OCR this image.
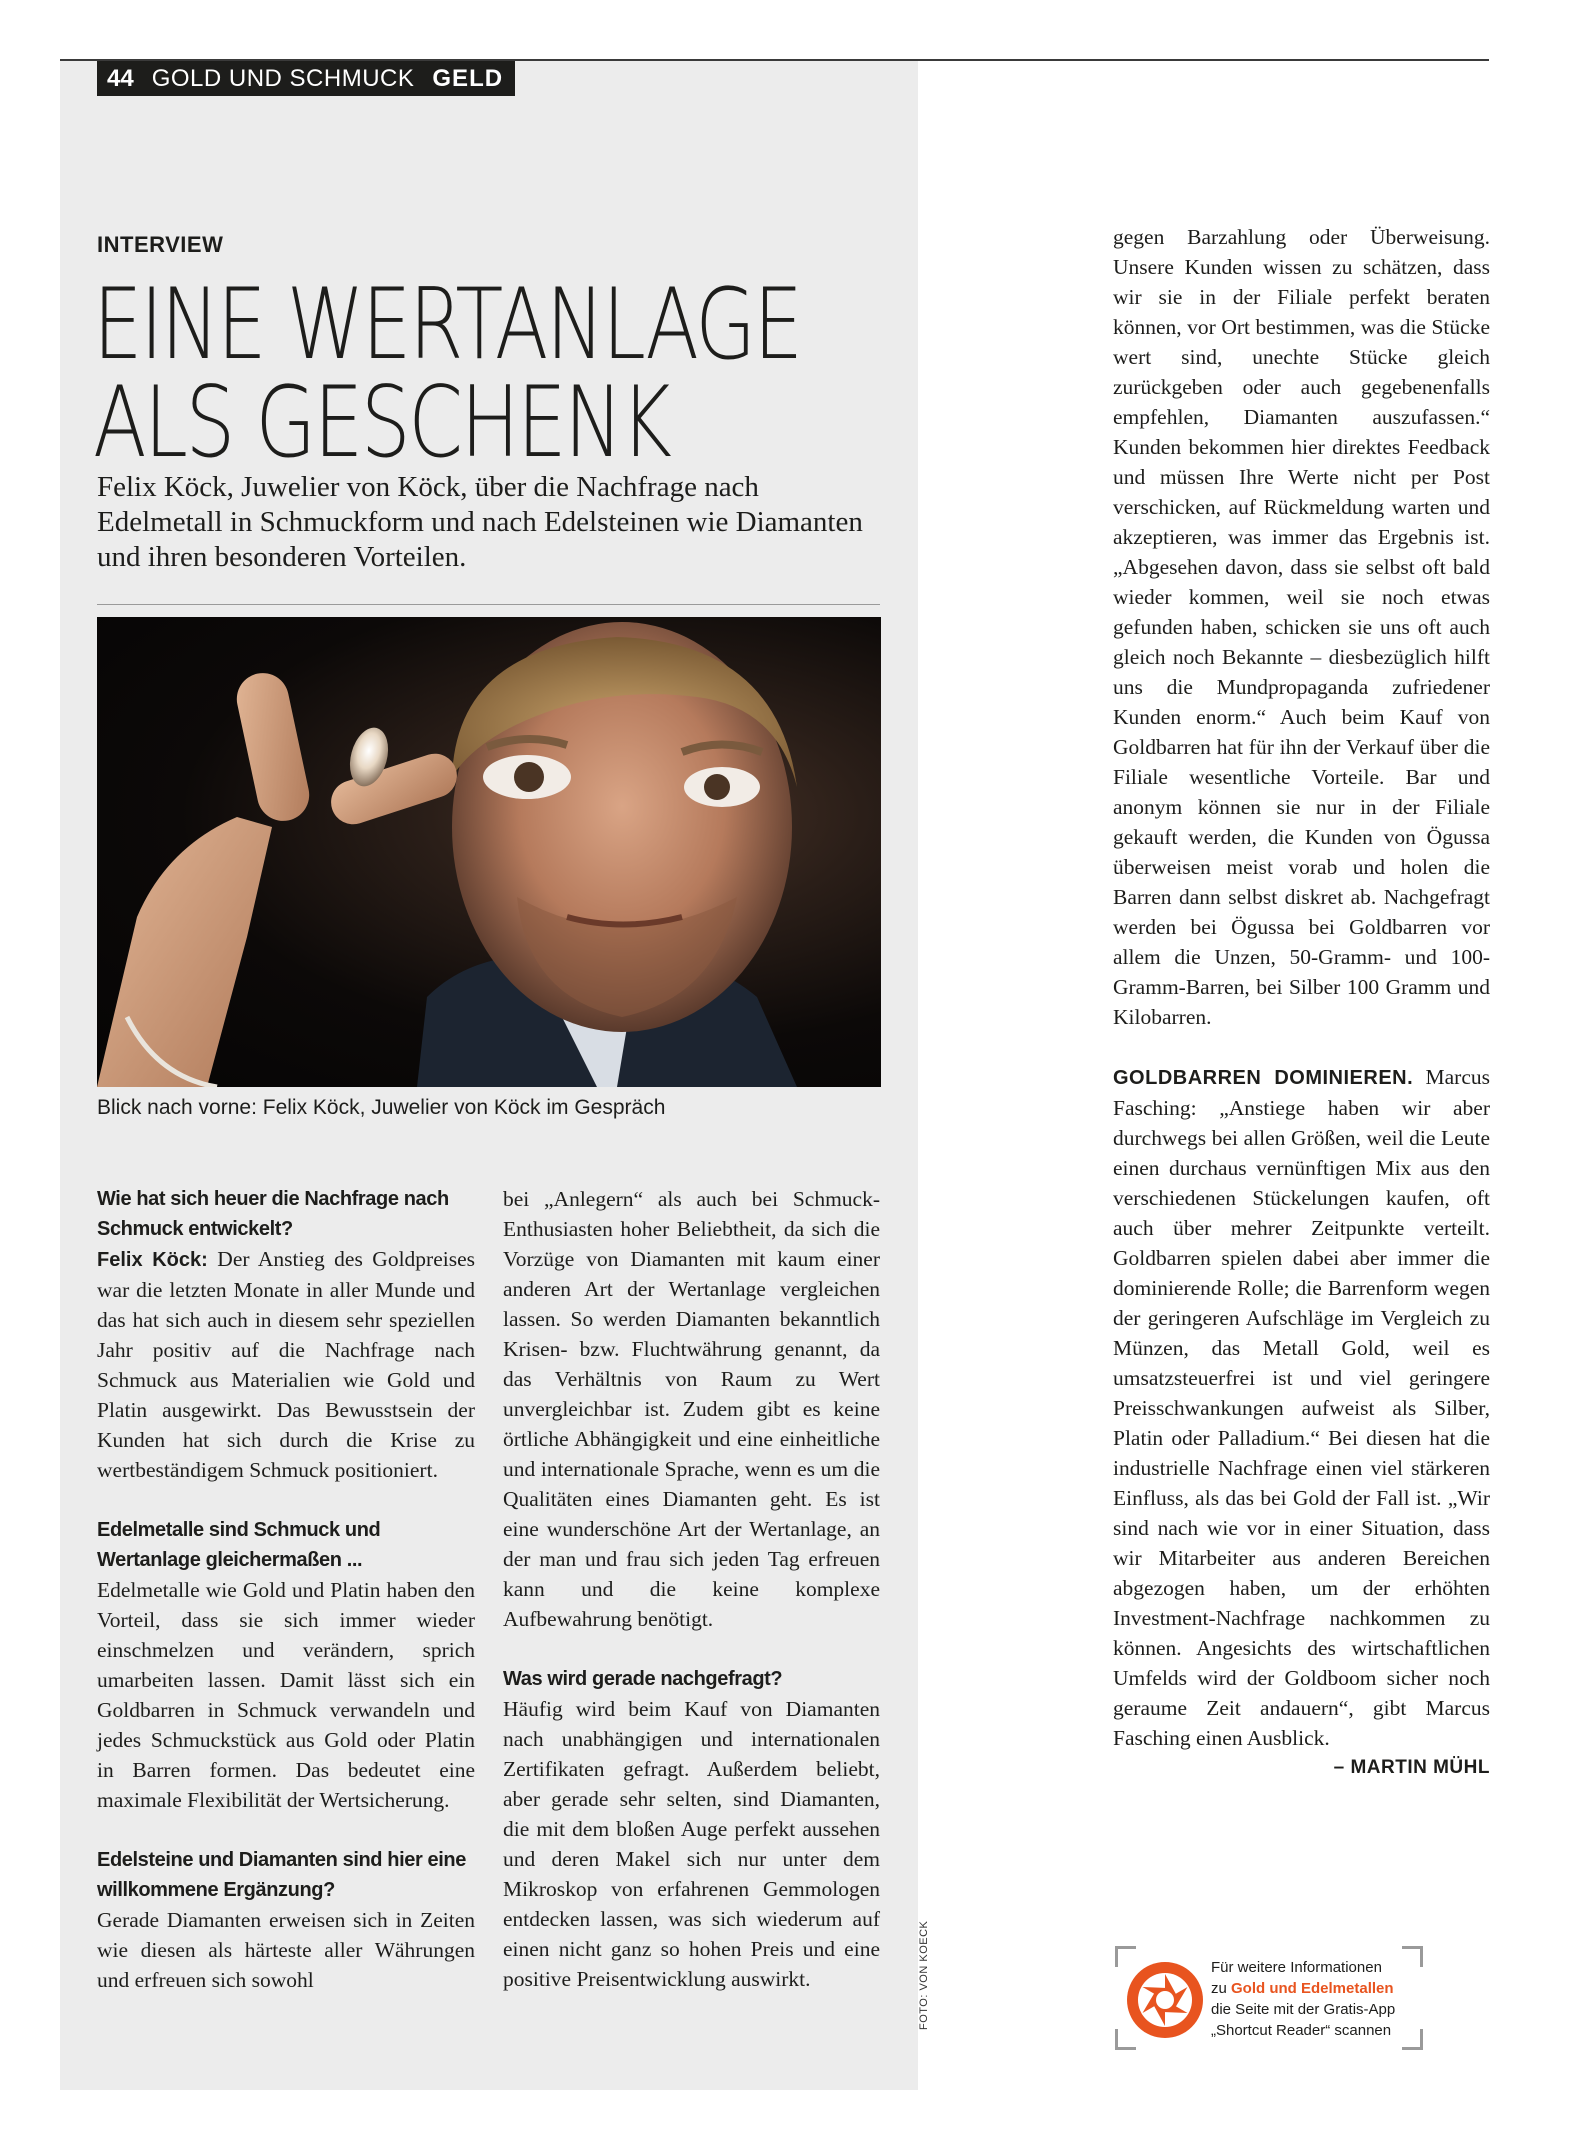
44 GOLD UND SCHMUCK GELD
INTERVIEW
EINE WERTANLAGE
ALS GESCHENK
Felix Köck, Juwelier von Köck, über die Nachfrage nach Edelmetall in Schmuckform und nach Edelsteinen wie Diamanten und ihren besonderen Vorteilen.
Blick nach vorne: Felix Köck, Juwelier von Köck im Gespräch

Wie hat sich heuer die Nachfrage nach Schmuck entwickelt?

Felix Köck: Der Anstieg des Goldpreises war die letzten Monate in aller Munde und das hat sich auch in diesem sehr speziellen Jahr positiv auf die Nachfrage nach Schmuck aus Materialien wie Gold und Platin ausgewirkt. Das Bewusstsein der Kunden hat sich durch die Krise zu wertbeständigem Schmuck positioniert.

Edelmetalle sind Schmuck und Wertanlage gleichermaßen ...

Edelmetalle wie Gold und Platin haben den Vorteil, dass sie sich immer wieder einschmelzen und verändern, sprich umarbeiten lassen. Damit lässt sich ein Goldbarren in Schmuck verwandeln und jedes Schmuckstück aus Gold oder Platin in Barren formen. Das bedeutet eine maximale Flexibilität der Wertsicherung.

Edelsteine und Diamanten sind hier eine willkommene Ergänzung?

Gerade Diamanten erweisen sich in Zeiten wie diesen als härteste aller Währungen und erfreuen sich sowohl

bei „Anlegern“ als auch bei Schmuck-Enthusiasten hoher Beliebtheit, da sich die Vorzüge von Diamanten mit kaum einer anderen Art der Wertanlage vergleichen lassen. So werden Diamanten bekanntlich Krisen- bzw. Fluchtwährung genannt, da das Verhältnis von Raum zu Wert unvergleichbar ist. Zudem gibt es keine örtliche Abhängigkeit und eine einheitliche und internationale Sprache, wenn es um die Qualitäten eines Diamanten geht. Es ist eine wunderschöne Art der Wertanlage, an der man und frau sich jeden Tag erfreuen kann und die keine komplexe Aufbewahrung benötigt.

Was wird gerade nachgefragt?

Häufig wird beim Kauf von Diamanten nach unabhängigen und internationalen Zertifikaten gefragt. Außerdem beliebt, aber gerade sehr selten, sind Diamanten, die mit dem bloßen Auge perfekt aussehen und deren Makel sich nur unter dem Mikroskop von erfahrenen Gemmologen entdecken lassen, was sich wiederum auf einen nicht ganz so hohen Preis und eine positive Preisentwicklung auswirkt.	FOTO: VON KOECK

gegen Barzahlung oder Überweisung. Unsere Kunden wissen zu schätzen, dass wir sie in der Filiale perfekt beraten können, vor Ort bestimmen, was die Stücke wert sind, unechte Stücke gleich zurückgeben oder auch gegebenenfalls empfehlen, Diamanten auszufassen.“ Kunden bekommen hier direktes Feedback und müssen Ihre Werte nicht per Post verschicken, auf Rückmeldung warten und akzeptieren, was immer das Ergebnis ist. „Abgesehen davon, dass sie selbst oft bald wieder kommen, weil sie noch etwas gefunden haben, schicken sie uns oft auch gleich noch Bekannte – diesbezüglich hilft uns die Mundpropaganda zufriedener Kunden enorm.“ Auch beim Kauf von Goldbarren hat für ihn der Verkauf über die Filiale wesentliche Vorteile. Bar und anonym können sie nur in der Filiale gekauft werden, die Kunden von Ögussa überweisen meist vorab und holen die Barren dann selbst diskret ab. Nachgefragt werden bei Ögussa bei Goldbarren vor allem die Unzen, 50-Gramm- und 100-Gramm-Barren, bei Silber 100 Gramm und Kilobarren.

GOLDBARREN DOMINIEREN. Marcus Fasching: „Anstiege haben wir aber durchwegs bei allen Größen, weil die Leute einen durchaus vernünftigen Mix aus den verschiedenen Stückelungen kaufen, oft auch über mehrer Zeitpunkte verteilt. Goldbarren spielen dabei aber immer die dominierende Rolle; die Barrenform wegen der geringeren Aufschläge im Vergleich zu Münzen, das Metall Gold, weil es umsatzsteuerfrei ist und viel geringere Preisschwankungen aufweist als Silber, Platin oder Palladium.“ Bei diesen hat die industrielle Nachfrage einen viel stärkeren Einfluss, als das bei Gold der Fall ist. „Wir sind nach wie vor in einer Situation, dass wir Mitarbeiter aus anderen Bereichen abgezogen haben, um der erhöhten Investment-Nachfrage nachkommen zu können. Angesichts des wirtschaftlichen Umfelds wird der Goldboom sicher noch geraume Zeit andauern“, gibt Marcus Fasching einen Ausblick.

– MARTIN MÜHL

Für weitere Informationen
zu Gold und Edelmetallen
die Seite mit der Gratis-App
„Shortcut Reader“ scannen
